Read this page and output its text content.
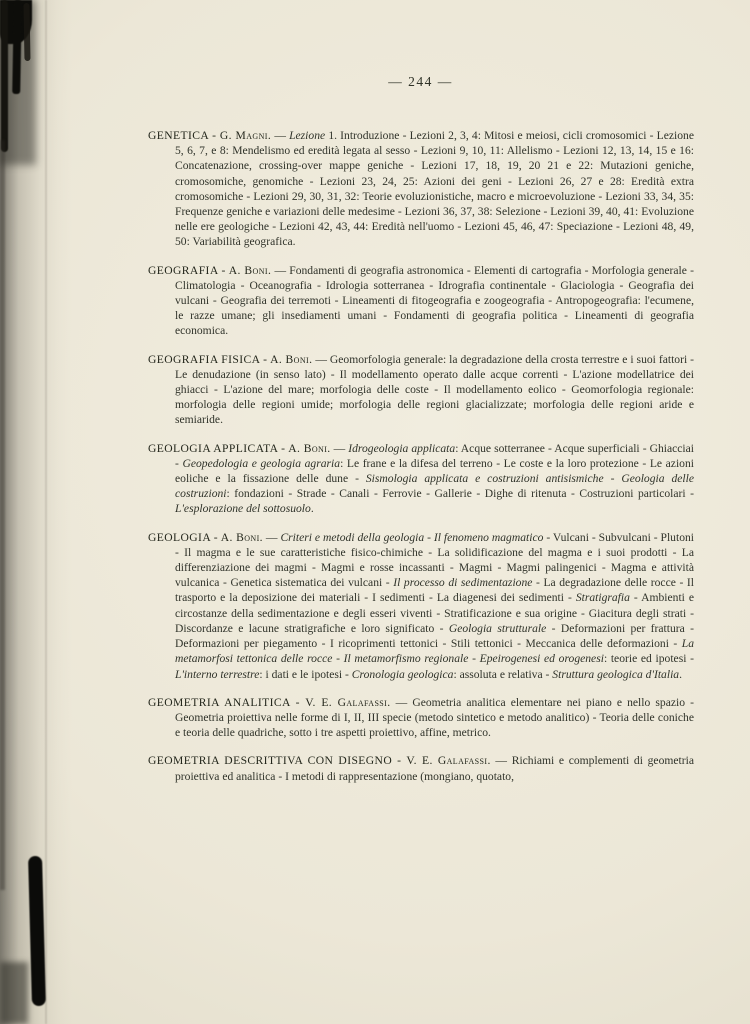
— 244 —

GENETICA - G. Magni. — Lezione 1. Introduzione - Lezioni 2, 3, 4: Mitosi e meiosi, cicli cromosomici - Lezione 5, 6, 7, e 8: Mendelismo ed eredità legata al sesso - Lezioni 9, 10, 11: Allelismo - Lezioni 12, 13, 14, 15 e 16: Concatenazione, crossing-over mappe geniche - Lezioni 17, 18, 19, 20 21 e 22: Mutazioni geniche, cromosomiche, genomiche - Lezioni 23, 24, 25: Azioni dei geni - Lezioni 26, 27 e 28: Eredità extra cromosomiche - Lezioni 29, 30, 31, 32: Teorie evoluzionistiche, macro e microevoluzione - Lezioni 33, 34, 35: Frequenze geniche e variazioni delle medesime - Lezioni 36, 37, 38: Selezione - Lezioni 39, 40, 41: Evoluzione nelle ere geologiche - Lezioni 42, 43, 44: Eredità nell'uomo - Lezioni 45, 46, 47: Speciazione - Lezioni 48, 49, 50: Variabilità geografica.

GEOGRAFIA - A. Boni. — Fondamenti di geografia astronomica - Elementi di cartografia - Morfologia generale - Climatologia - Oceanografia - Idrologia sotterranea - Idrografia continentale - Glaciologia - Geografia dei vulcani - Geografia dei terremoti - Lineamenti di fitogeografia e zoogeografia - Antropogeografia: l'ecumene, le razze umane; gli insediamenti umani - Fondamenti di geografia politica - Lineamenti di geografia economica.

GEOGRAFIA FISICA - A. Boni. — Geomorfologia generale: la degradazione della crosta terrestre e i suoi fattori - Le denudazione (in senso lato) - Il modellamento operato dalle acque correnti - L'azione modellatrice dei ghiacci - L'azione del mare; morfologia delle coste - Il modellamento eolico - Geomorfologia regionale: morfologia delle regioni umide; morfologia delle regioni glacializzate; morfologia delle regioni aride e semiaride.

GEOLOGIA APPLICATA - A. Boni. — Idrogeologia applicata: Acque sotterranee - Acque superficiali - Ghiacciai - Geopedologia e geologia agraria: Le frane e la difesa del terreno - Le coste e la loro protezione - Le azioni eoliche e la fissazione delle dune - Sismologia applicata e costruzioni antisismiche - Geologia delle costruzioni: fondazioni - Strade - Canali - Ferrovie - Gallerie - Dighe di ritenuta - Costruzioni particolari - L'esplorazione del sottosuolo.

GEOLOGIA - A. Boni. — Criteri e metodi della geologia - Il fenomeno magmatico - Vulcani - Subvulcani - Plutoni - Il magma e le sue caratteristiche fisico-chimiche - La solidificazione del magma e i suoi prodotti - La differenziazione dei magmi - Magmi e rosse incassanti - Magmi - Magmi palingenici - Magma e attività vulcanica - Genetica sistematica dei vulcani - Il processo di sedimentazione - La degradazione delle rocce - Il trasporto e la deposizione dei materiali - I sedimenti - La diagenesi dei sedimenti - Stratigrafia - Ambienti e circostanze della sedimentazione e degli esseri viventi - Stratificazione e sua origine - Giacitura degli strati - Discordanze e lacune stratigrafiche e loro significato - Geologia strutturale - Deformazioni per frattura - Deformazioni per piegamento - I ricoprimenti tettonici - Stili tettonici - Meccanica delle deformazioni - La metamorfosi tettonica delle rocce - Il metamorfismo regionale - Epeirogenesi ed orogenesi: teorie ed ipotesi - L'interno terrestre: i dati e le ipotesi - Cronologia geologica: assoluta e relativa - Struttura geologica d'Italia.

GEOMETRIA ANALITICA - V. E. Galafassi. — Geometria analitica elementare nei piano e nello spazio - Geometria proiettiva nelle forme di I, II, III specie (metodo sintetico e metodo analitico) - Teoria delle coniche e teoria delle quadriche, sotto i tre aspetti proiettivo, affine, metrico.

GEOMETRIA DESCRITTIVA CON DISEGNO - V. E. Galafassi. — Richiami e complementi di geometria proiettiva ed analitica - I metodi di rappresentazione (mongiano, quotato,
